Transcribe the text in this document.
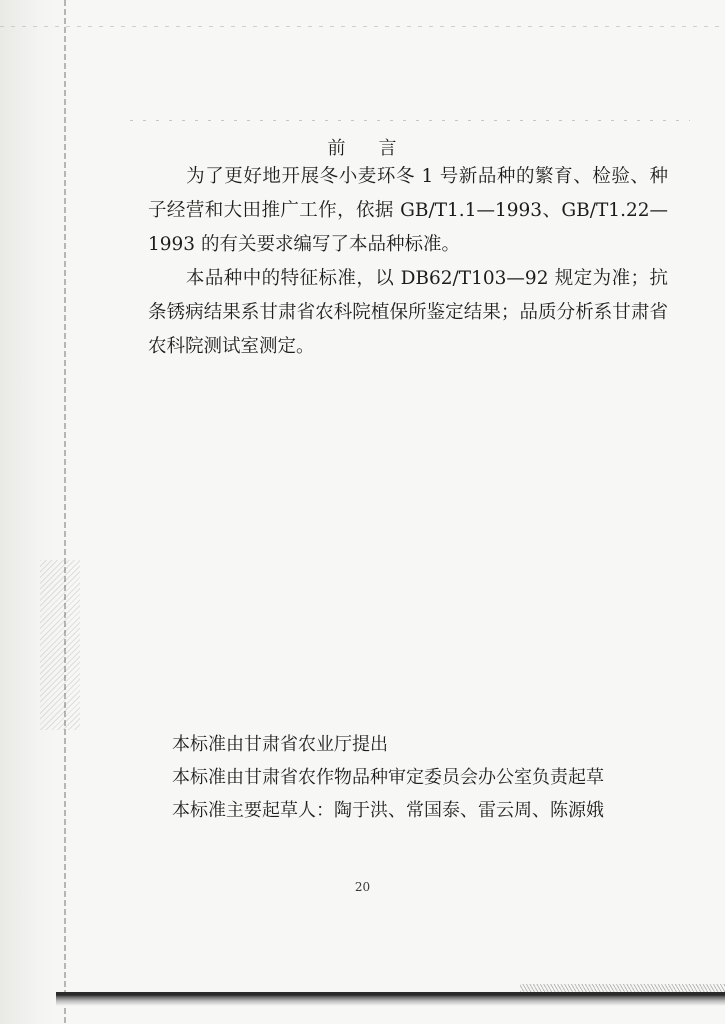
前 言

　　为了更好地开展冬小麦环冬 1 号新品种的繁育、检验、种子经营和大田推广工作，依据 GB/T1.1—1993、GB/T1.22—1993 的有关要求编写了本品种标准。

　　本品种中的特征标准，以 DB62/T103—92 规定为准；抗条锈病结果系甘肃省农科院植保所鉴定结果；品质分析系甘肃省农科院测试室测定。

本标准由甘肃省农业厅提出
本标准由甘肃省农作物品种审定委员会办公室负责起草
本标准主要起草人：陶于洪、常国泰、雷云周、陈源娥
20
